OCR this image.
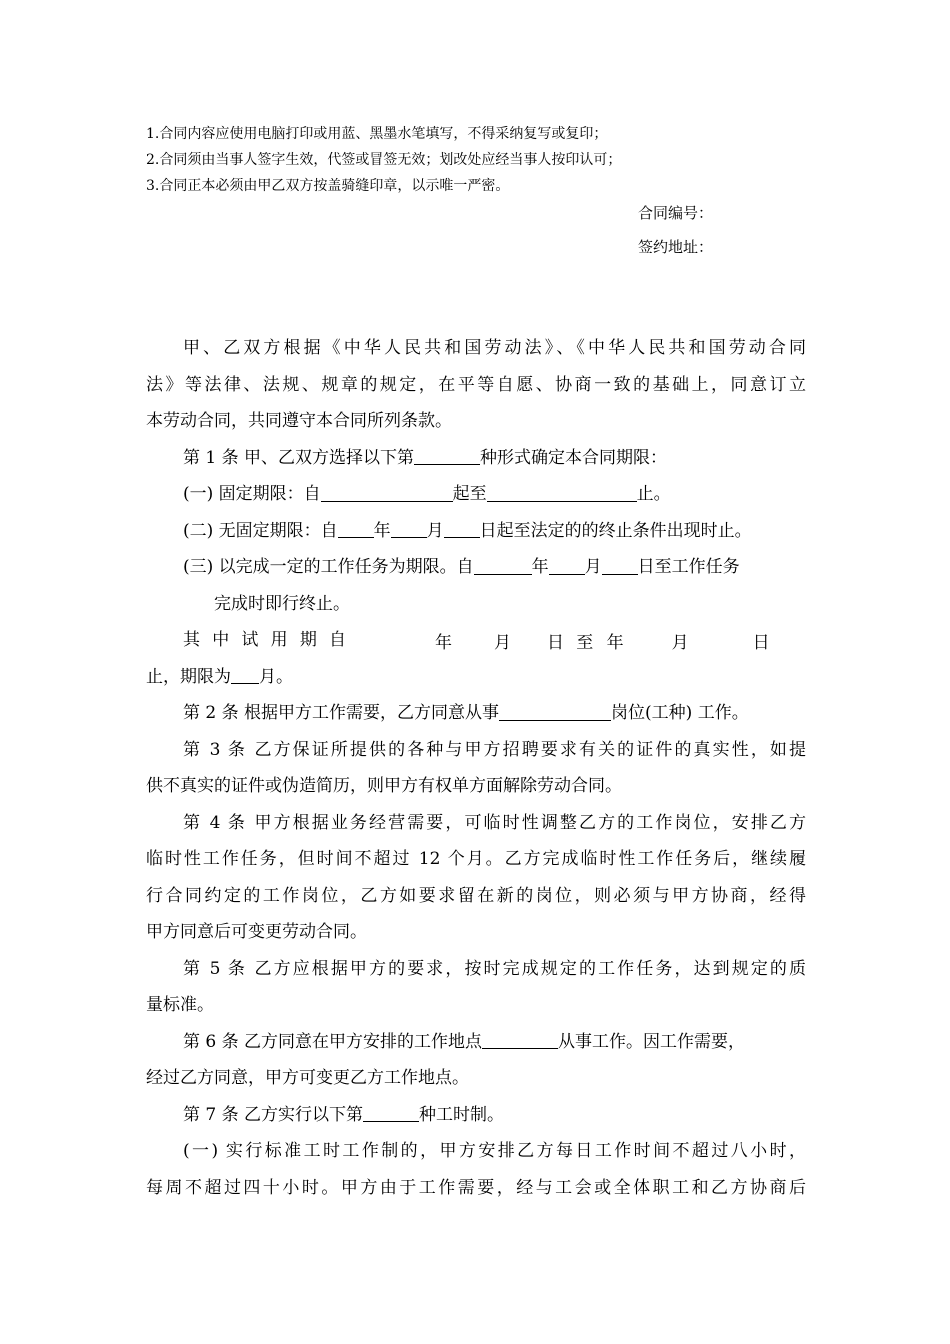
1.合同内容应使用电脑打印或用蓝、黑墨水笔填写，不得采纳复写或复印；

2.合同须由当事人签字生效，代签或冒签无效；划改处应经当事人按印认可；

3.合同正本必须由甲乙双方按盖骑缝印章，以示唯一严密。

合同编号：
签约地址：
甲、乙双方根据《中华人民共和国劳动法》、《中华人民共和国劳动合同
法》等法律、法规、规章的规定，在平等自愿、协商一致的基础上，同意订立
本劳动合同，共同遵守本合同所列条款。
第 1 条 甲、乙双方选择以下第	种形式确定本合同期限：
(一) 固定期限：自	起至	止。
(二) 无固定期限：自 年 月 日起至法定的的终止条件出现时止。
(三) 以完成一定的工作任务为期限。自	年 月 日至工作任务
完成时即行终止。
其 中 试 用 期 自	年 月 日 至 年	月	日
止，期限为 月。
第 2 条 根据甲方工作需要，乙方同意从事	岗位(工种) 工作。
第 3 条 乙方保证所提供的各种与甲方招聘要求有关的证件的真实性，如提
供不真实的证件或伪造简历，则甲方有权单方面解除劳动合同。
第 4 条 甲方根据业务经营需要，可临时性调整乙方的工作岗位，安排乙方
临时性工作任务，但时间不超过 12 个月。乙方完成临时性工作任务后，继续履
行合同约定的工作岗位，乙方如要求留在新的岗位，则必须与甲方协商，经得
甲方同意后可变更劳动合同。
第 5 条 乙方应根据甲方的要求，按时完成规定的工作任务，达到规定的质
量标准。
第 6 条 乙方同意在甲方安排的工作地点	从事工作。因工作需要，
经过乙方同意，甲方可变更乙方工作地点。
第 7 条 乙方实行以下第	种工时制。
(一) 实行标准工时工作制的，甲方安排乙方每日工作时间不超过八小时，
每周不超过四十小时。甲方由于工作需要，经与工会或全体职工和乙方协商后
